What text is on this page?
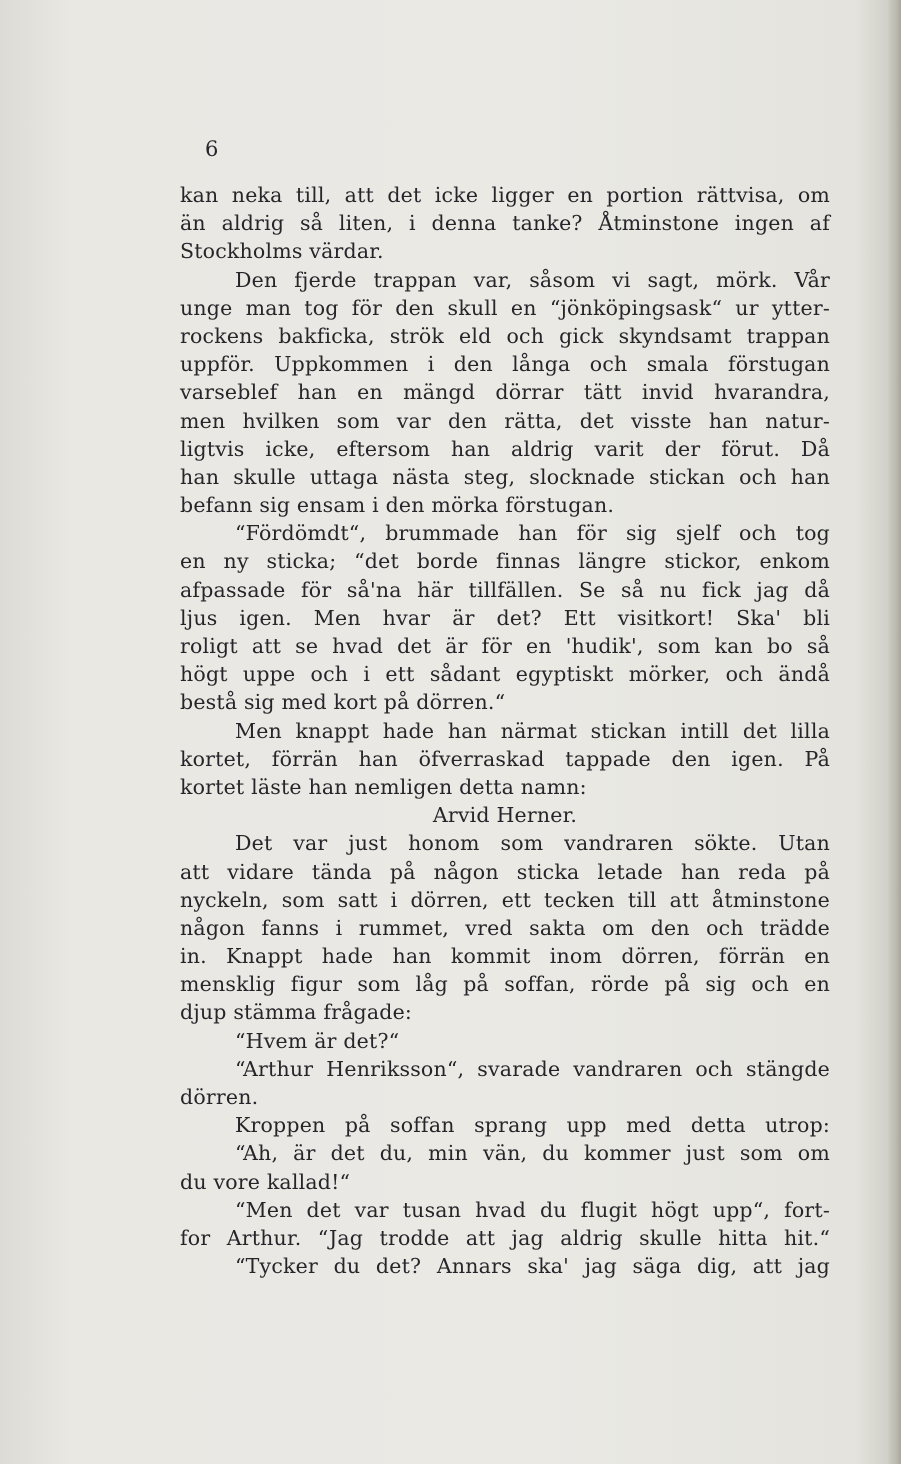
6
kan neka till, att det icke ligger en portion rättvisa, om
än aldrig så liten, i denna tanke? Åtminstone ingen af
Stockholms värdar.
Den fjerde trappan var, såsom vi sagt, mörk. Vår
unge man tog för den skull en “jönköpingsask“ ur ytter-
rockens bakficka, strök eld och gick skyndsamt trappan
uppför. Uppkommen i den långa och smala förstugan
varseblef han en mängd dörrar tätt invid hvarandra,
men hvilken som var den rätta, det visste han natur-
ligtvis icke, eftersom han aldrig varit der förut. Då
han skulle uttaga nästa steg, slocknade stickan och han
befann sig ensam i den mörka förstugan.
“Fördömdt“, brummade han för sig sjelf och tog
en ny sticka; “det borde finnas längre stickor, enkom
afpassade för så'na här tillfällen. Se så nu fick jag då
ljus igen. Men hvar är det? Ett visitkort! Ska' bli
roligt att se hvad det är för en 'hudik', som kan bo så
högt uppe och i ett sådant egyptiskt mörker, och ändå
bestå sig med kort på dörren.“
Men knappt hade han närmat stickan intill det lilla
kortet, förrän han öfverraskad tappade den igen. På
kortet läste han nemligen detta namn:
Arvid Herner.
Det var just honom som vandraren sökte. Utan
att vidare tända på någon sticka letade han reda på
nyckeln, som satt i dörren, ett tecken till att åtminstone
någon fanns i rummet, vred sakta om den och trädde
in. Knappt hade han kommit inom dörren, förrän en
mensklig figur som låg på soffan, rörde på sig och en
djup stämma frågade:
“Hvem är det?“
“Arthur Henriksson“, svarade vandraren och stängde
dörren.
Kroppen på soffan sprang upp med detta utrop:
“Ah, är det du, min vän, du kommer just som om
du vore kallad!“
“Men det var tusan hvad du flugit högt upp“, fort-
for Arthur. “Jag trodde att jag aldrig skulle hitta hit.“
“Tycker du det? Annars ska' jag säga dig, att jag
